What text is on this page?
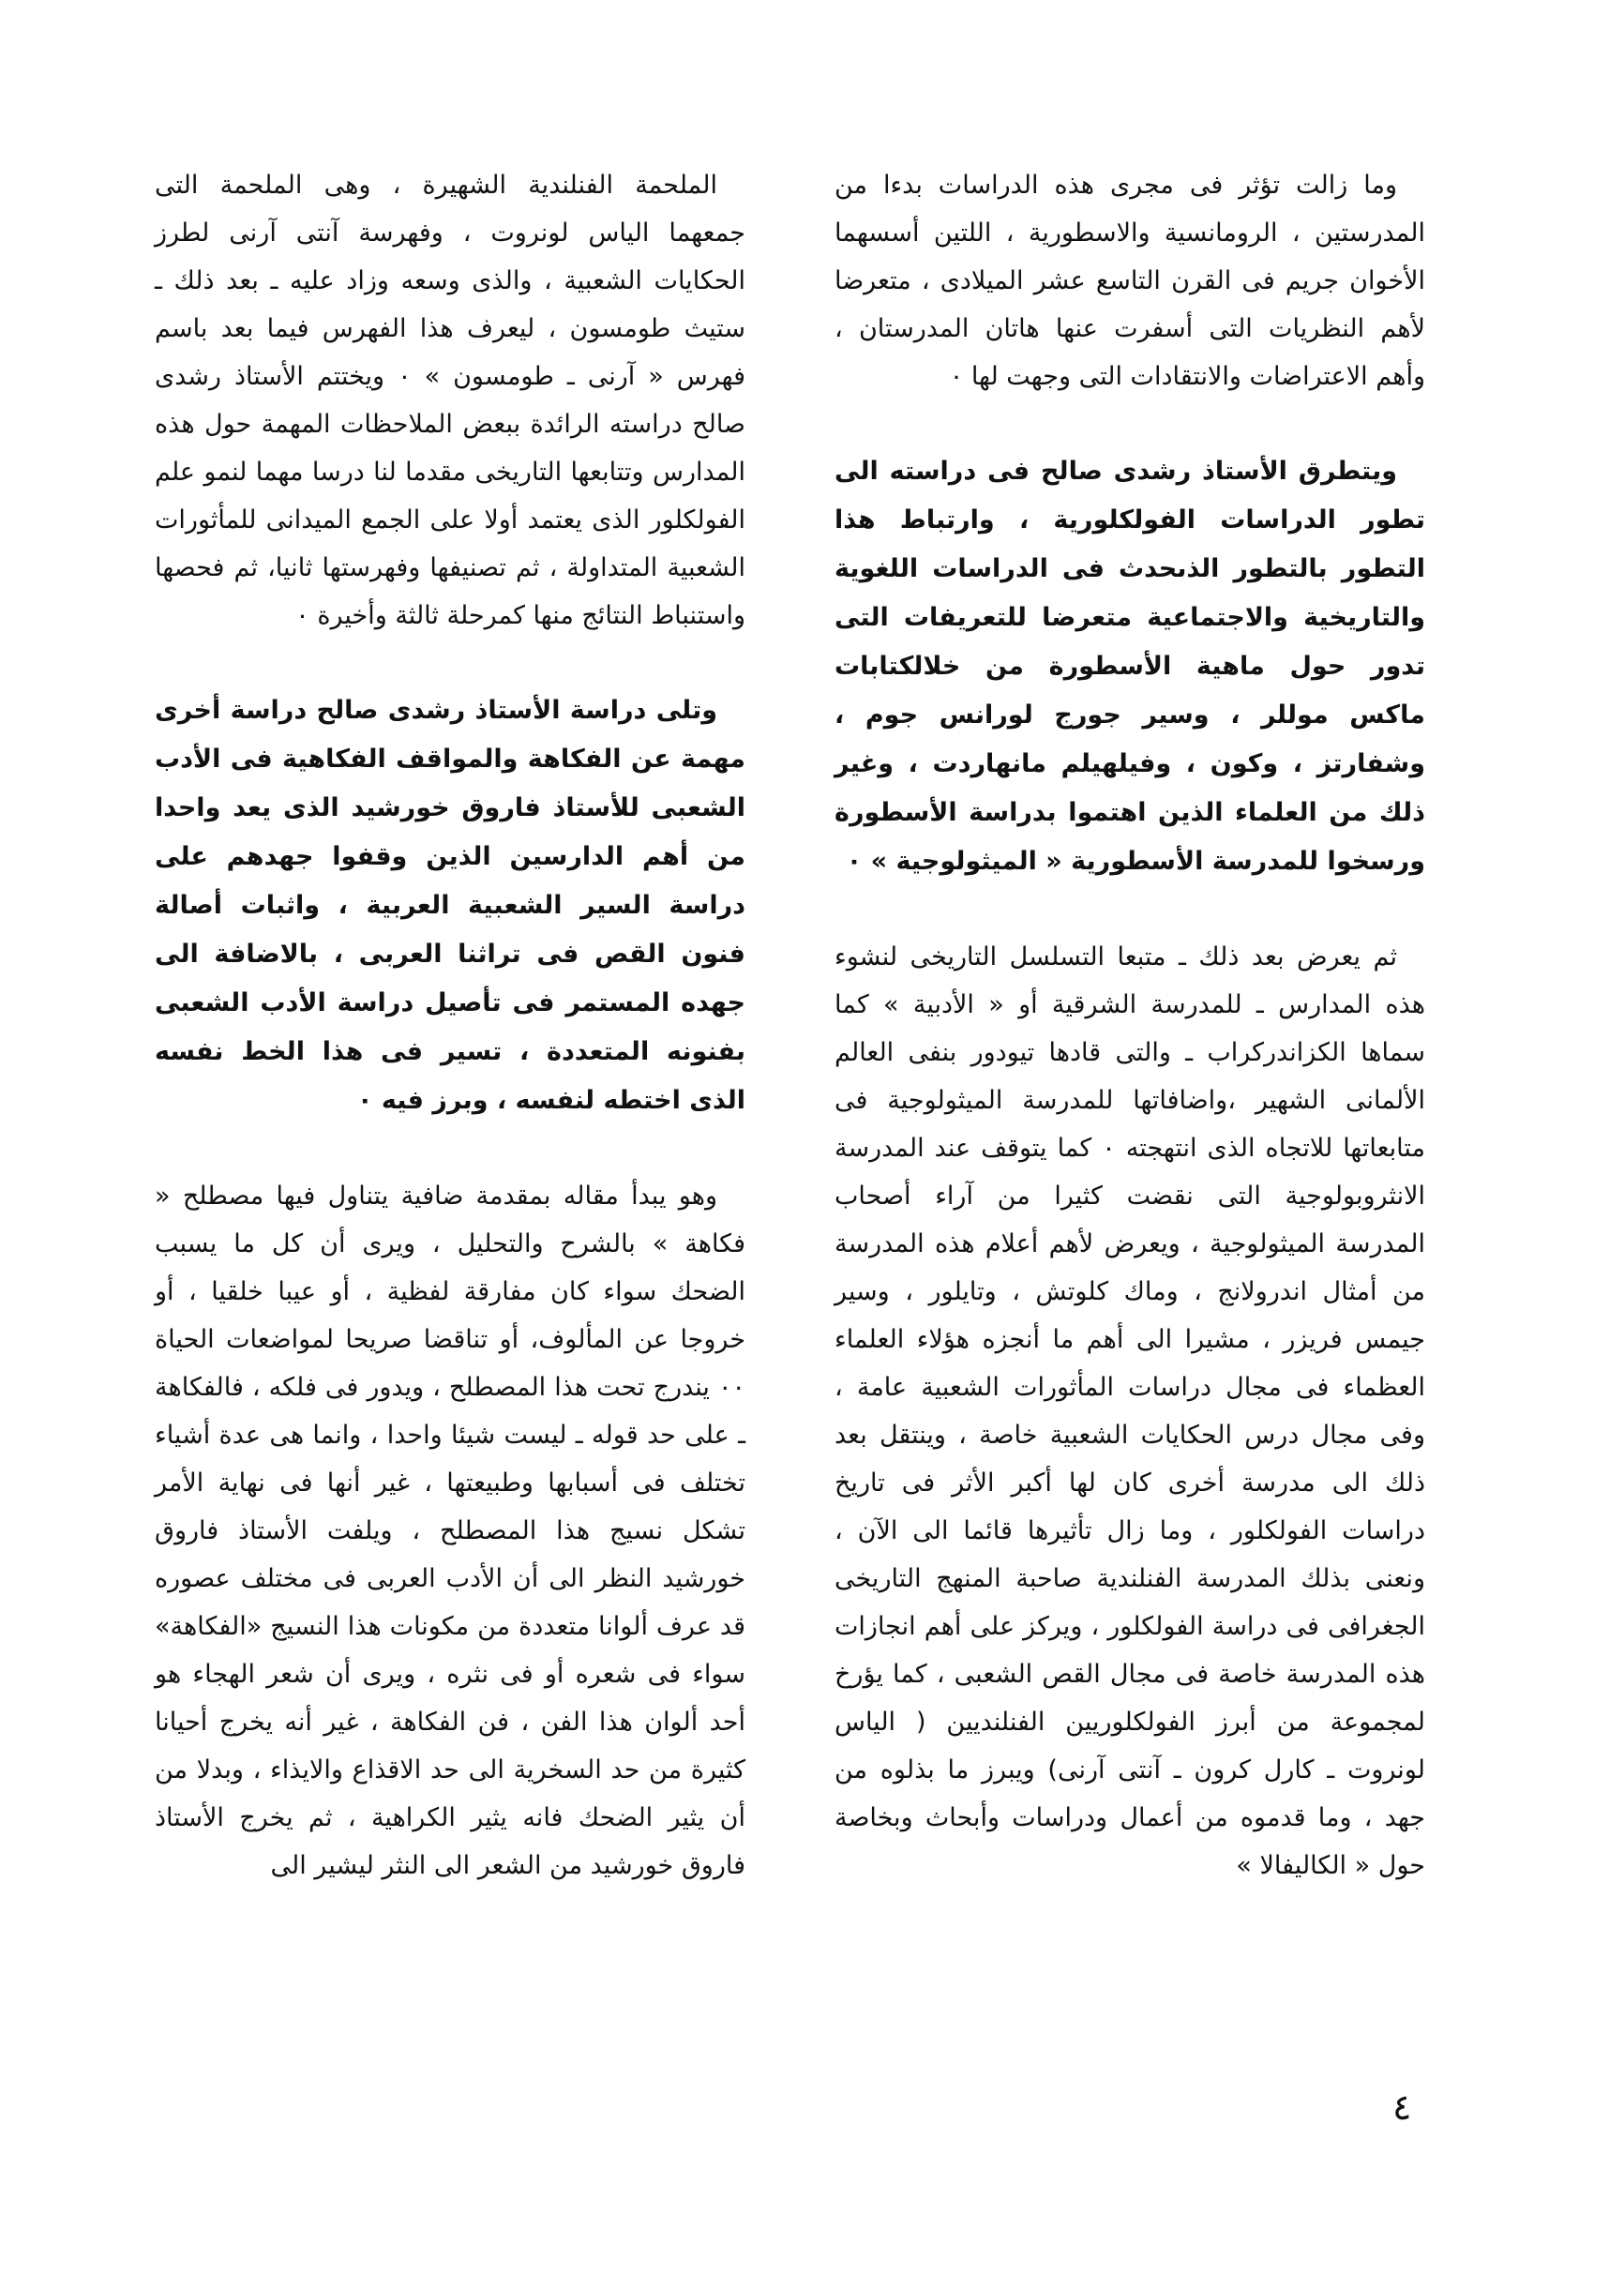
وما زالت تؤثر فى مجرى هذه الدراسات بدءا من المدرستين ، الرومانسية والاسطورية ، اللتين أسسهما الأخوان جريم فى القرن التاسع عشر الميلادى ، متعرضا لأهم النظريات التى أسفرت عنها هاتان المدرستان ، وأهم الاعتراضات والانتقادات التى وجهت لها ٠

ويتطرق الأستاذ رشدى صالح فى دراسته الى تطور الدراسات الفولكلورية ، وارتباط هذا التطور بالتطور الذىحدث فى الدراسات اللغوية والتاريخية والاجتماعية متعرضا للتعريفات التى تدور حول ماهية الأسطورة من خلالكتابات ماكس موللر ، وسير جورج لورانس جوم ، وشفارتز ، وكون ، وفيلهيلم مانهاردت ، وغير ذلك من العلماء الذين اهتموا بدراسة الأسطورة ورسخوا للمدرسة الأسطورية « الميثولوجية » ٠

ثم يعرض بعد ذلك ـ متبعا التسلسل التاريخى لنشوء هذه المدارس ـ للمدرسة الشرقية أو « الأدبية » كما سماها الكزاندركراب ـ والتى قادها تيودور بنفى العالم الألمانى الشهير ،واضافاتها للمدرسة الميثولوجية فى متابعاتها للاتجاه الذى انتهجته ٠ كما يتوقف عند المدرسة الانثروبولوجية التى نقضت كثيرا من آراء أصحاب المدرسة الميثولوجية ، ويعرض لأهم أعلام هذه المدرسة من أمثال اندرولانج ، وماك كلوتش ، وتايلور ، وسير جيمس فريزر ، مشيرا الى أهم ما أنجزه هؤلاء العلماء العظماء فى مجال دراسات المأثورات الشعبية عامة ، وفى مجال درس الحكايات الشعبية خاصة ، وينتقل بعد ذلك الى مدرسة أخرى كان لها أكبر الأثر فى تاريخ دراسات الفولكلور ، وما زال تأثيرها قائما الى الآن ، ونعنى بذلك المدرسة الفنلندية صاحبة المنهج التاريخى الجغرافى فى دراسة الفولكلور ، ويركز على أهم انجازات هذه المدرسة خاصة فى مجال القص الشعبى ، كما يؤرخ لمجموعة من أبرز الفولكلوريين الفنلنديين ( الياس لونروت ـ كارل كرون ـ آنتى آرنى) ويبرز ما بذلوه من جهد ، وما قدموه من أعمال ودراسات وأبحاث وبخاصة حول « الكاليفالا »

الملحمة الفنلندية الشهيرة ، وهى الملحمة التى جمعهما الياس لونروت ، وفهرسة آنتى آرنى لطرز الحكايات الشعبية ، والذى وسعه وزاد عليه ـ بعد ذلك ـ ستيث طومسون ، ليعرف هذا الفهرس فيما بعد باسم فهرس « آرنى ـ طومسون » ٠ ويختتم الأستاذ رشدى صالح دراسته الرائدة ببعض الملاحظات المهمة حول هذه المدارس وتتابعها التاريخى مقدما لنا درسا مهما لنمو علم الفولكلور الذى يعتمد أولا على الجمع الميدانى للمأثورات الشعبية المتداولة ، ثم تصنيفها وفهرستها ثانيا، ثم فحصها واستنباط النتائج منها كمرحلة ثالثة وأخيرة ٠

وتلى دراسة الأستاذ رشدى صالح دراسة أخرى مهمة عن الفكاهة والمواقف الفكاهية فى الأدب الشعبى للأستاذ فاروق خورشيد الذى يعد واحدا من أهم الدارسين الذين وقفوا جهدهم على دراسة السير الشعبية العربية ، واثبات أصالة فنون القص فى تراثنا العربى ، بالاضافة الى جهده المستمر فى تأصيل دراسة الأدب الشعبى بفنونه المتعددة ، تسير فى هذا الخط نفسه الذى اختطه لنفسه ، وبرز فيه ٠

وهو يبدأ مقاله بمقدمة ضافية يتناول فيها مصطلح « فكاهة » بالشرح والتحليل ، ويرى أن كل ما يسبب الضحك سواء كان مفارقة لفظية ، أو عيبا خلقيا ، أو خروجا عن المألوف، أو تناقضا صريحا لمواضعات الحياة ٠٠ يندرج تحت هذا المصطلح ، ويدور فى فلكه ، فالفكاهة ـ على حد قوله ـ ليست شيئا واحدا ، وانما هى عدة أشياء تختلف فى أسبابها وطبيعتها ، غير أنها فى نهاية الأمر تشكل نسيج هذا المصطلح ، ويلفت الأستاذ فاروق خورشيد النظر الى أن الأدب العربى فى مختلف عصوره قد عرف ألوانا متعددة من مكونات هذا النسيج «الفكاهة» سواء فى شعره أو فى نثره ، ويرى أن شعر الهجاء هو أحد ألوان هذا الفن ، فن الفكاهة ، غير أنه يخرج أحيانا كثيرة من حد السخرية الى حد الاقذاع والايذاء ، وبدلا من أن يثير الضحك فانه يثير الكراهية ، ثم يخرج الأستاذ فاروق خورشيد من الشعر الى النثر ليشير الى

٤
